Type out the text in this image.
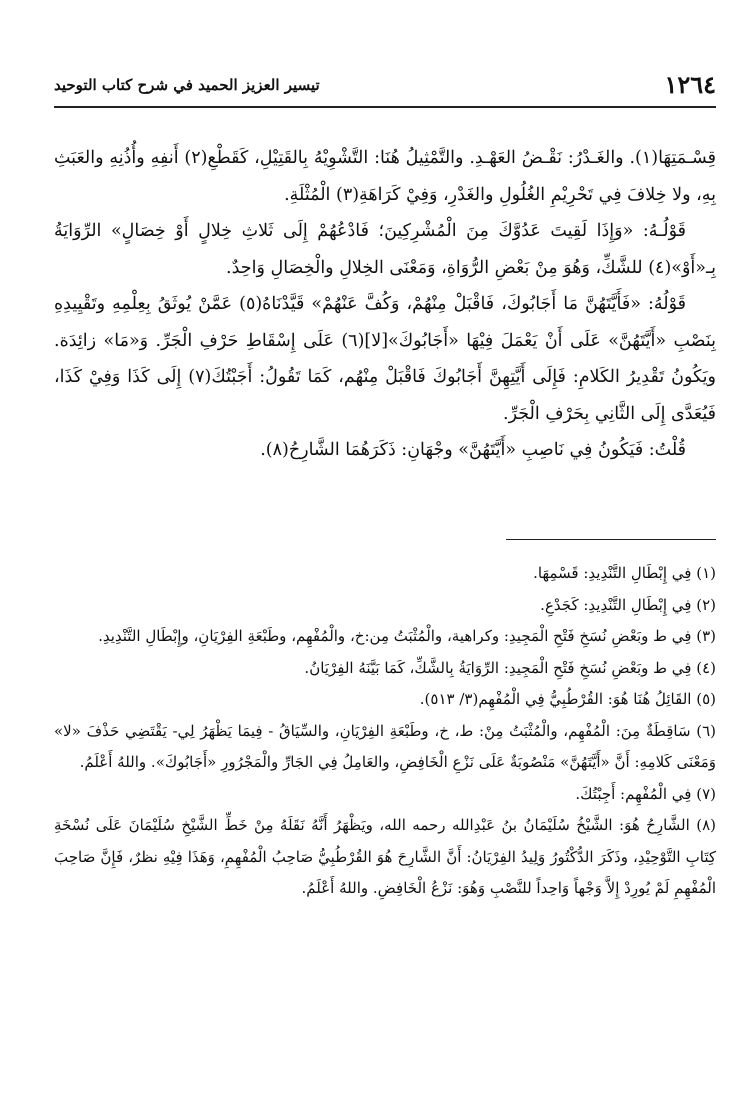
١٢٦٤
تيسير العزيز الحميد في شرح كتاب التوحيد

قِسْـمَتِهَا(١). والغَـدْرُ: نَقْـضُ العَهْـدِ. والتَّمْثِيلُ هُنَا: التَّشْوِيْهُ بِالقَتِيْلِ، كَقَطْعِ(٢) أَنفِهِ وأُذُنِهِ والعَبَثِ بِهِ، ولا خِلافَ فِي تَحْرِيْمِ الغُلُولِ والغَدْرِ، وَفِيْ كَرَاهَةِ(٣) الْمُثْلَةِ.

قَوْلُـهُ: «وَإِذَا لَقِيتَ عَدُوَّكَ مِنَ الْمُشْرِكِينَ؛ فَادْعُهُمْ إِلَى ثَلاثِ خِلالٍ أَوْ خِصَالٍ» الرِّوَايَةُ بِـ«أَوْ»(٤) للشَّكِّ، وَهُوَ مِنْ بَعْضِ الرُّوَاةِ، وَمَعْنَى الخِلالِ والْخِصَالِ وَاحِدٌ.

قَوْلُهُ: «فَأَيَّتَهُنَّ مَا أَجَابُوكَ، فَاقْبَلْ مِنْهُمْ، وَكُفَّ عَنْهُمْ» قَيَّدْنَاهُ(٥) عَمَّنْ يُوثَقُ بِعِلْمِهِ وتَقْيِيدِهِ بِنَصْبِ «أَيَّتَهُنَّ» عَلَى أَنْ يَعْمَلَ فِيْهَا «أَجَابُوكَ»[لا](٦) عَلَى إِسْقَاطِ حَرْفِ الْجَرِّ. وَ«مَا» زائِدَة. ويَكُونُ تَقْدِيرُ الكَلامِ: فَإِلَى أَيَّتِهِنَّ أَجَابُوكَ فَاقْبَلْ مِنْهُم، كَمَا تَقُولُ: أَجَبْتُكَ(٧) إِلَى كَذَا وَفِيْ كَذَا، فَيُعَدَّى إِلَى الثَّانِي بِحَرْفِ الْجَرِّ.

قُلْتُ: فَيَكُونُ فِي نَاصِبِ «أَيَّتَهُنَّ» وجْهَانِ: ذَكَرَهُمَا الشَّارِحُ(٨).

(١) فِي إِبْطَالِ التَّنْدِيدِ: قَسْمِهَا.

(٢) فِي إِبْطَالِ التَّنْدِيدِ: كَجَدْعِ.

(٣) فِي ط وبَعْضِ نُسَخِ فَتْحِ الْمَجِيدِ: وكراهية، والْمُثْبَتُ مِن:خ، والْمُفْهِم، وطَبْعَةِ الفِرْيَانِ، وإِبْطَالِ التَّنْدِيدِ.

(٤) فِي ط وبَعْضِ نُسَخِ فَتْحِ الْمَجِيدِ: الرِّوَايَةُ بِالشَّكِّ، كَمَا بَيَّنَهُ الفِرْيَانُ.

(٥) القَائِلُ هُنَا هُوَ: القُرْطُبِيُّ فِي الْمُفْهِم(٣/ ٥١٣).

(٦) سَاقِطَةٌ مِنَ: الْمُفْهِم، والْمُثْبَتُ مِنْ: ط، خ، وطَبْعَةِ الفِرْيَانِ، والسِّيَاقُ - فِيمَا يَظْهَرُ لِي- يَقْتَضِي حَذْفَ «لا» وَمَعْنَى كَلامِهِ: أَنَّ «أَيَّتَهُنَّ» مَنْصُوبَةٌ عَلَى نَزْعِ الْخَافِضِ، والعَامِلُ فِي الجَارِّ والْمَجْرُورِ «أَجَابُوكَ». واللهُ أَعْلَمُ.

(٧) فِي الْمُفْهِم: أَجِبْتُكَ.

(٨) الشَّارِحُ هُوَ: الشَّيْخُ سُلَيْمَانُ بنُ عَبْدِالله رحمه الله، ويَظْهَرُ أَنَّهُ نَقَلَهُ مِنْ خَطِّ الشَّيْخِ سُلَيْمَانَ عَلَى نُسْخَةِ كِتَابِ التَّوْحِيْدِ، وذَكَرَ الدُّكْتُورُ وَلِيدُ الفِرْيَانُ: أَنَّ الشَّارِحَ هُوَ القُرْطُبِيُّ صَاحِبُ الْمُفْهِمِ، وَهَذَا فِيْهِ نظرٌ، فَإِنَّ صَاحِبَ الْمُفْهِمِ لَمْ يُورِدْ إِلاَّ وَجْهاً وَاحِداً للنَّصْبِ وَهُوَ: نَزْعُ الْخَافِضِ. واللهُ أَعْلَمُ.
